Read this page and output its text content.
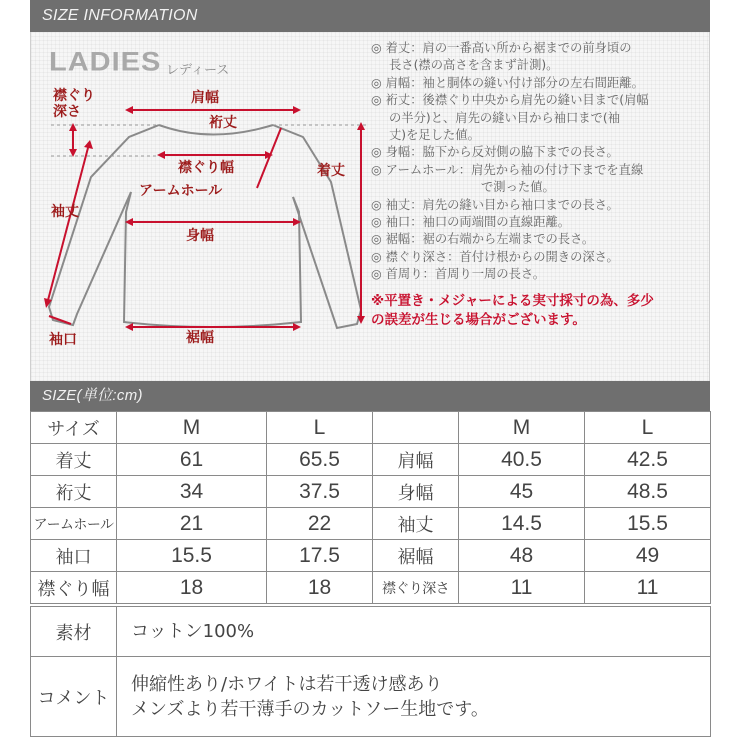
SIZE INFORMATION
LADIES レディース
襟ぐり
深さ
肩幅
裄丈
襟ぐり幅	着丈
アームホール
袖丈
身幅
袖口	裾幅
◎ 着丈：肩の一番高い所から裾までの前身頃の
長さ(襟の高さを含まず計測)。
◎ 肩幅：袖と胴体の縫い付け部分の左右間距離。
◎ 裄丈：後襟ぐり中央から肩先の縫い目まで(肩幅
の半分)と、肩先の縫い目から袖口まで(袖
丈)を足した値。
◎ 身幅：脇下から反対側の脇下までの長さ。
◎ アームホール：肩先から袖の付け下までを直線
で測った値。
◎ 袖丈：肩先の縫い目から袖口までの長さ。
◎ 袖口：袖口の両端間の直線距離。
◎ 裾幅：裾の右端から左端までの長さ。
◎ 襟ぐり深さ：首付け根からの開きの深さ。
◎ 首周り：首周り一周の長さ。
※平置き・メジャーによる実寸採寸の為、多少
の誤差が生じる場合がございます。
SIZE(単位:cm)
サイズ	M	L		M	L
着丈	61	65.5	肩幅	40.5	42.5
裄丈	34	37.5	身幅	45	48.5
アームホール	21	22	袖丈	14.5	15.5
袖口	15.5	17.5	裾幅	48	49
襟ぐり幅	18	18	襟ぐり深さ	11	11
素材	コットン100%
コメント	伸縮性あり/ホワイトは若干透け感あり
メンズより若干薄手のカットソー生地です。
